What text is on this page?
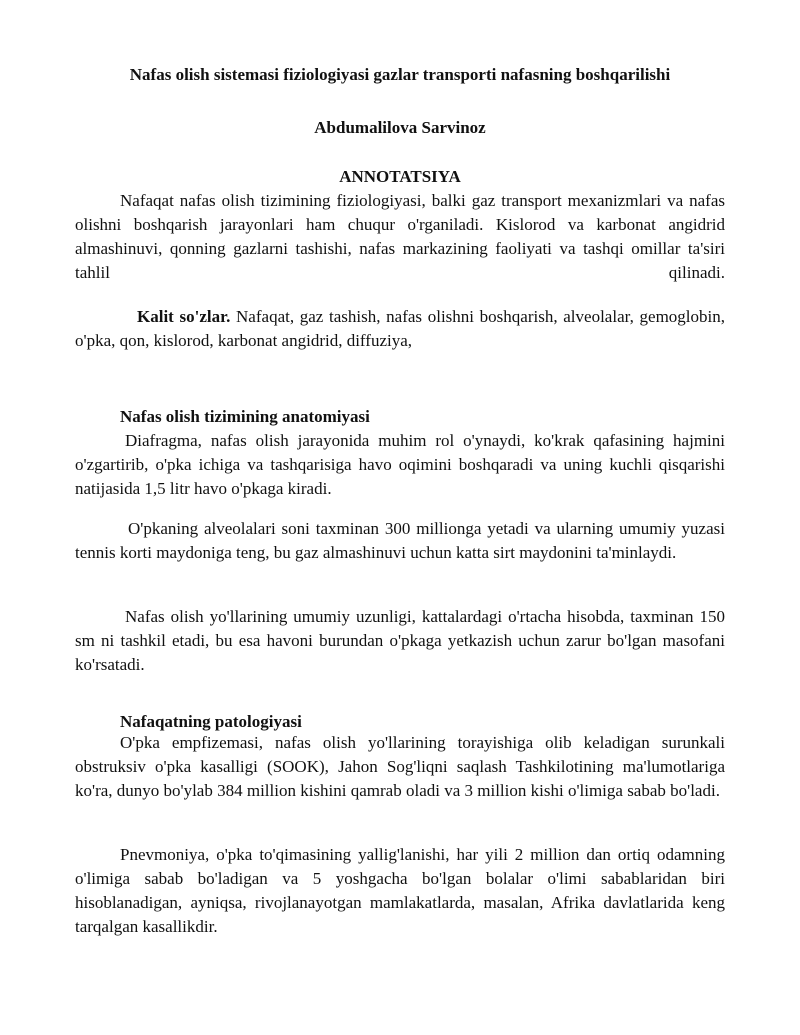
Nafas olish sistemasi fiziologiyasi gazlar transporti nafasning boshqarilishi
Abdumalilova Sarvinoz
ANNOTATSIYA
Nafaqat nafas olish tizimining fiziologiyasi, balki gaz transport mexanizmlari va nafas olishni boshqarish jarayonlari ham chuqur o'rganiladi. Kislorod va karbonat angidrid almashinuvi, qonning gazlarni tashishi, nafas markazining faoliyati va tashqi omillar ta'siri tahlil qilinadi.
Kalit so'zlar. Nafaqat, gaz tashish, nafas olishni boshqarish, alveolalar, gemoglobin, o'pka, qon, kislorod, karbonat angidrid, diffuziya,
Nafas olish tizimining anatomiyasi
Diafragma, nafas olish jarayonida muhim rol o'ynaydi, ko'krak qafasining hajmini o'zgartirib, o'pka ichiga va tashqarisiga havo oqimini boshqaradi va uning kuchli qisqarishi natijasida 1,5 litr havo o'pkaga kiradi.
O'pkaning alveolalari soni taxminan 300 millionga yetadi va ularning umumiy yuzasi tennis korti maydoniga teng, bu gaz almashinuvi uchun katta sirt maydonini ta'minlaydi.
Nafas olish yo'llarining umumiy uzunligi, kattalardagi o'rtacha hisobda, taxminan 150 sm ni tashkil etadi, bu esa havoni burundan o'pkaga yetkazish uchun zarur bo'lgan masofani ko'rsatadi.
Nafaqatning patologiyasi
O'pka empfizemasi, nafas olish yo'llarining torayishiga olib keladigan surunkali obstruksiv o'pka kasalligi (SOOK), Jahon Sog'liqni saqlash Tashkilotining ma'lumotlariga ko'ra, dunyo bo'ylab 384 million kishini qamrab oladi va 3 million kishi o'limiga sabab bo'ladi.
Pnevmoniya, o'pka to'qimasining yallig'lanishi, har yili 2 million dan ortiq odamning o'limiga sabab bo'ladigan va 5 yoshgacha bo'lgan bolalar o'limi sabablaridan biri hisoblanadigan, ayniqsa, rivojlanayotgan mamlakatlarda, masalan, Afrika davlatlarida keng tarqalgan kasallikdir.
